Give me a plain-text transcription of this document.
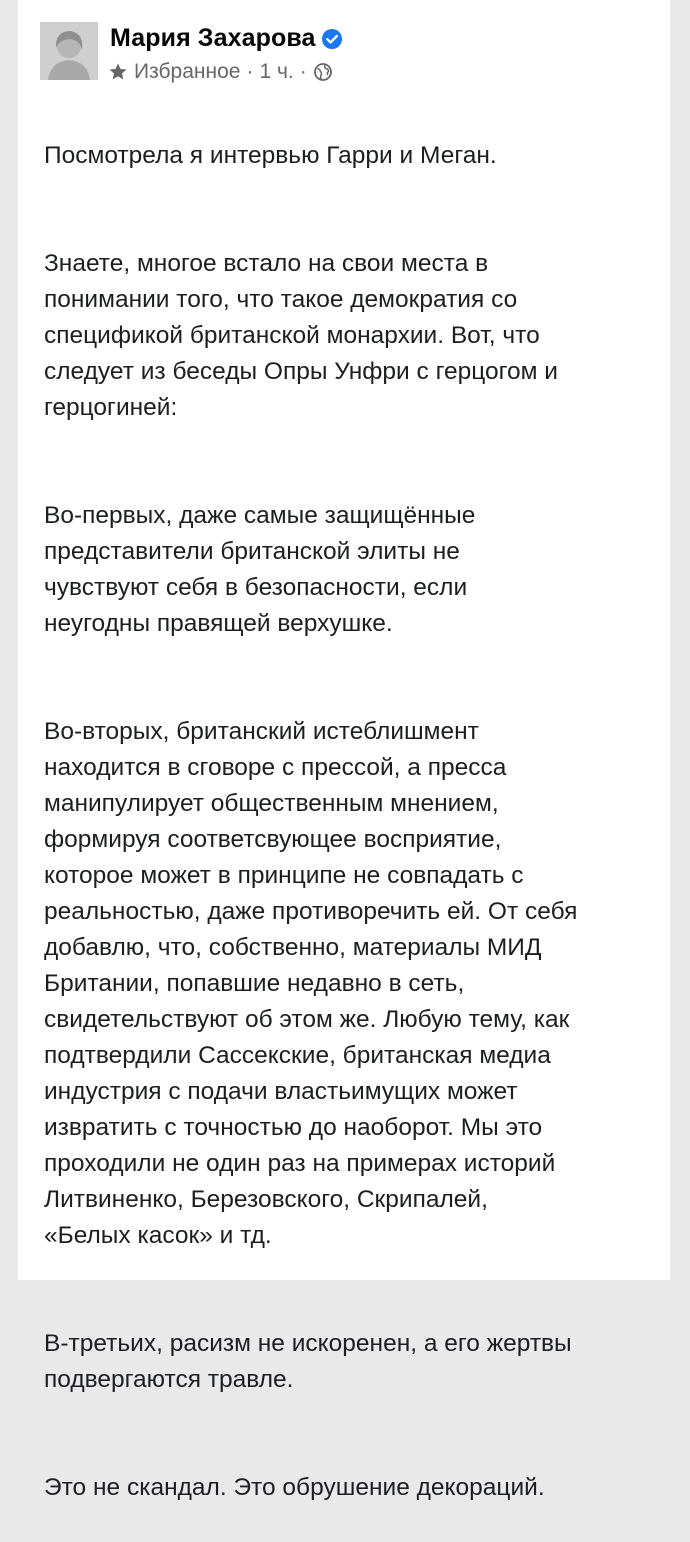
Мария Захарова
Избранное · 1 ч. ·

Посмотрела я интервью Гарри и Меган.

Знаете, многое встало на свои места в
понимании того, что такое демократия со
спецификой британской монархии. Вот, что
следует из беседы Опры Унфри с герцогом и
герцогиней:

Во-первых, даже самые защищённые
представители британской элиты не
чувствуют себя в безопасности, если
неугодны правящей верхушке.

Во-вторых, британский истеблишмент
находится в сговоре с прессой, а пресса
манипулирует общественным мнением,
формируя соответсвующее восприятие,
которое может в принципе не совпадать с
реальностью, даже противоречить ей. От себя
добавлю, что, собственно, материалы МИД
Британии, попавшие недавно в сеть,
свидетельствуют об этом же. Любую тему, как
подтвердили Сассекские, британская медиа
индустрия с подачи властьимущих может
извратить с точностью до наоборот. Мы это
проходили не один раз на примерах историй
Литвиненко, Березовского, Скрипалей,
«Белых касок» и тд.

В-третьих, расизм не искоренен, а его жертвы
подвергаются травле.

Это не скандал. Это обрушение декораций.
